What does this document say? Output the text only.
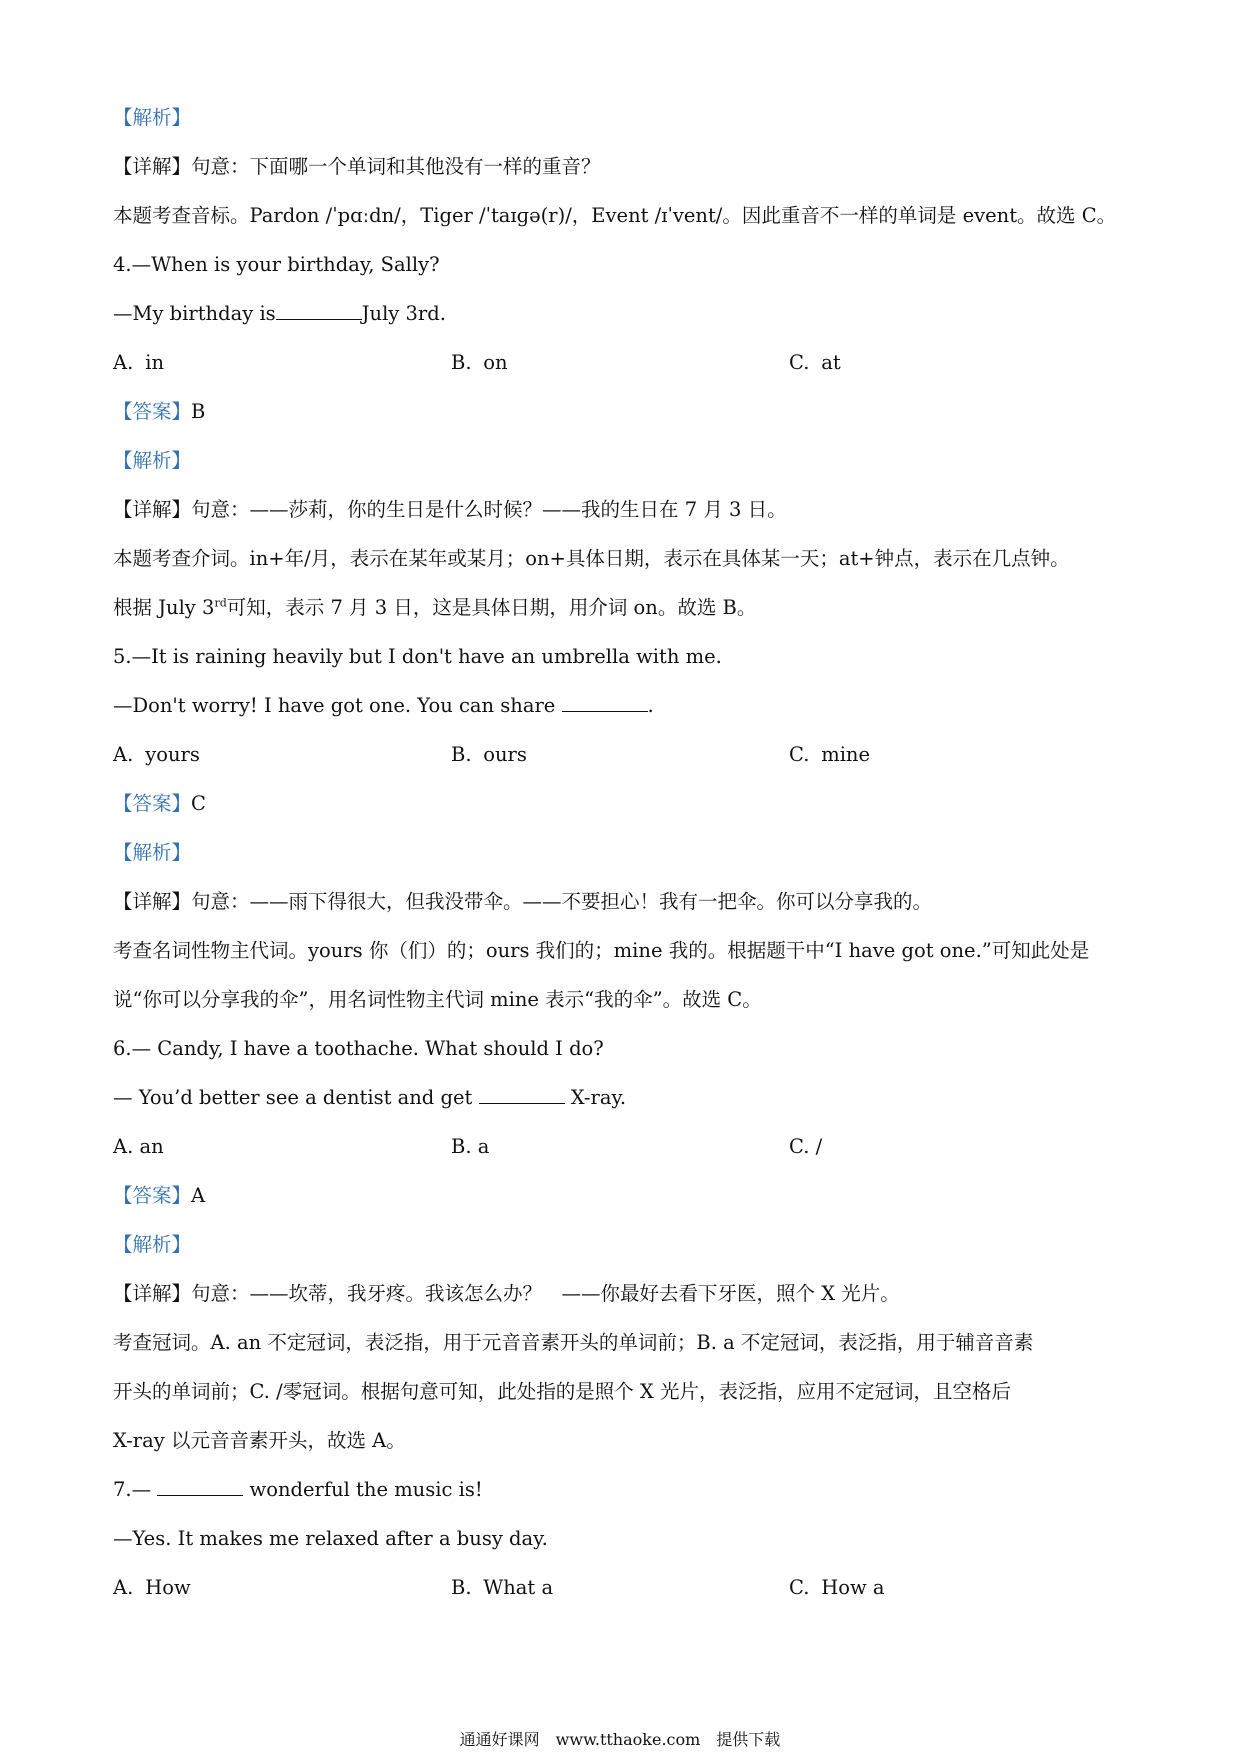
【解析】
【详解】句意：下面哪一个单词和其他没有一样的重音？
本题考查音标。Pardon /ˈpɑːdn/，Tiger /ˈtaɪɡə(r)/，Event /ɪˈvent/。因此重音不一样的单词是 event。故选 C。
4.—When is your birthday, Sally?
—My birthday is	July 3rd.
A. in	B. on	C. at
【答案】B
【解析】
【详解】句意：——莎莉，你的生日是什么时候？——我的生日在 7 月 3 日。
本题考查介词。in+年/月，表示在某年或某月；on+具体日期，表示在具体某一天；at+钟点，表示在几点钟。
根据 July 3rd可知，表示 7 月 3 日，这是具体日期，用介词 on。故选 B。
5.—It is raining heavily but I don't have an umbrella with me.
—Don't worry! I have got one. You can share	.
A. yours	B. ours	C. mine
【答案】C
【解析】
【详解】句意：——雨下得很大，但我没带伞。——不要担心！我有一把伞。你可以分享我的。
考查名词性物主代词。yours 你（们）的；ours 我们的；mine 我的。根据题干中“I have got one.”可知此处是
说“你可以分享我的伞”，用名词性物主代词 mine 表示“我的伞”。故选 C。
6.— Candy, I have a toothache. What should I do?
— You’d better see a dentist and get	X-ray.
A. an	B. a	C. /
【答案】A
【解析】
【详解】句意：——坎蒂，我牙疼。我该怎么办？　——你最好去看下牙医，照个 X 光片。
考查冠词。A. an 不定冠词，表泛指，用于元音音素开头的单词前；B. a 不定冠词，表泛指，用于辅音音素
开头的单词前；C. /零冠词。根据句意可知，此处指的是照个 X 光片，表泛指，应用不定冠词，且空格后
X-ray 以元音音素开头，故选 A。
7.—	wonderful the music is!
—Yes. It makes me relaxed after a busy day.
A. How	B. What a	C. How a
通通好课网　www.tthaoke.com　提供下载
